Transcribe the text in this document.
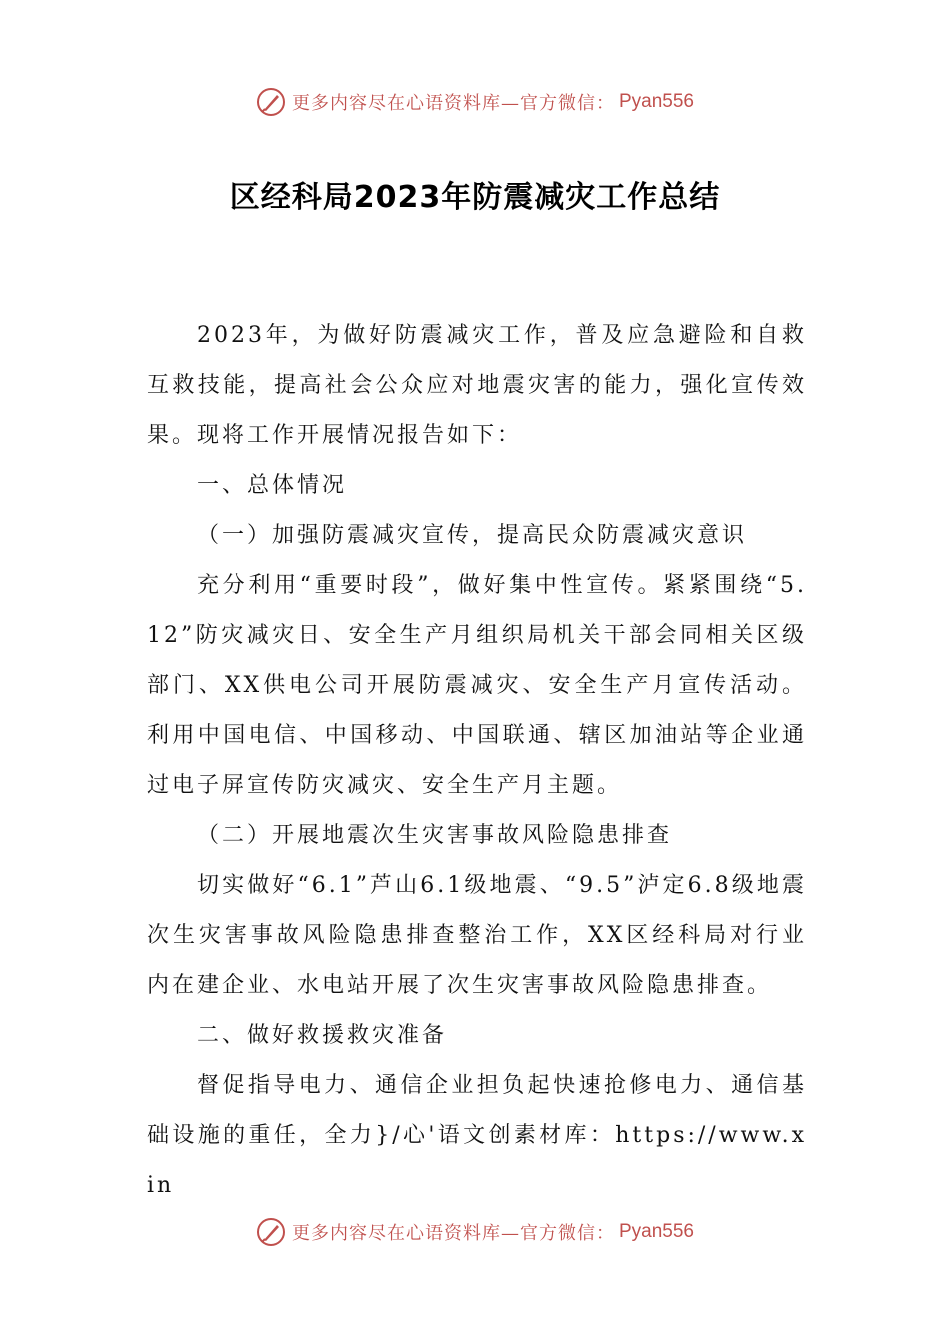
更多内容尽在心语资料库—官方微信： Pyan556
区经科局2023年防震减灾工作总结

2023年，为做好防震减灾工作，普及应急避险和自救互救技能，提高社会公众应对地震灾害的能力，强化宣传效果。现将工作开展情况报告如下：

一、总体情况

（一）加强防震减灾宣传，提高民众防震减灾意识

充分利用“重要时段”，做好集中性宣传。紧紧围绕“5.12”防灾减灾日、安全生产月组织局机关干部会同相关区级部门、XX供电公司开展防震减灾、安全生产月宣传活动。利用中国电信、中国移动、中国联通、辖区加油站等企业通过电子屏宣传防灾减灾、安全生产月主题。

（二）开展地震次生灾害事故风险隐患排查

切实做好“6.1”芦山6.1级地震、“9.5”泸定6.8级地震次生灾害事故风险隐患排查整治工作，XX区经科局对行业内在建企业、水电站开展了次生灾害事故风险隐患排查。

二、做好救援救灾准备

督促指导电力、通信企业担负起快速抢修电力、通信基础设施的重任，全力}/心'语文创素材库：https://www.xin

更多内容尽在心语资料库—官方微信： Pyan556
